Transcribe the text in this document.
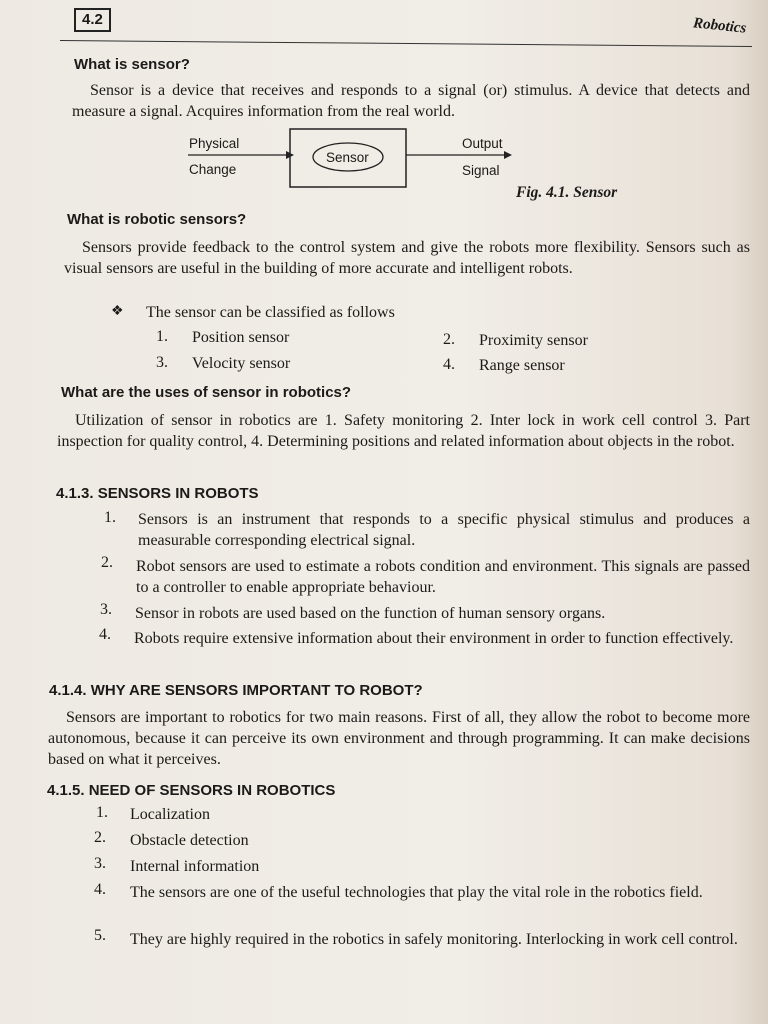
4.2	Robotics
What is sensor?
Sensor is a device that receives and responds to a signal (or) stimulus. A device that detects and measure a signal. Acquires information from the real world.
Physical
Change
Output
Signal
Sensor
Fig. 4.1. Sensor
What is robotic sensors?
Sensors provide feedback to the control system and give the robots more flexibility. Sensors such as visual sensors are useful in the building of more accurate and intelligent robots.
❖ The sensor can be classified as follows
1. Position sensor	2. Proximity sensor
3. Velocity sensor	4. Range sensor
What are the uses of sensor in robotics?
Utilization of sensor in robotics are 1. Safety monitoring 2. Inter lock in work cell control 3. Part inspection for quality control, 4. Determining positions and related information about objects in the robot.
4.1.3. SENSORS IN ROBOTS
1. Sensors is an instrument that responds to a specific physical stimulus and produces a measurable corresponding electrical signal.
2. Robot sensors are used to estimate a robots condition and environment. This signals are passed to a controller to enable appropriate behaviour.
3. Sensor in robots are used based on the function of human sensory organs.
4. Robots require extensive information about their environment in order to function effectively.
4.1.4. WHY ARE SENSORS IMPORTANT TO ROBOT?
Sensors are important to robotics for two main reasons. First of all, they allow the robot to become more autonomous, because it can perceive its own environment and through programming. It can make decisions based on what it perceives.
4.1.5. NEED OF SENSORS IN ROBOTICS
1. Localization
2. Obstacle detection
3. Internal information
4. The sensors are one of the useful technologies that play the vital role in the robotics field.
5. They are highly required in the robotics in safely monitoring. Interlocking in work cell control.
